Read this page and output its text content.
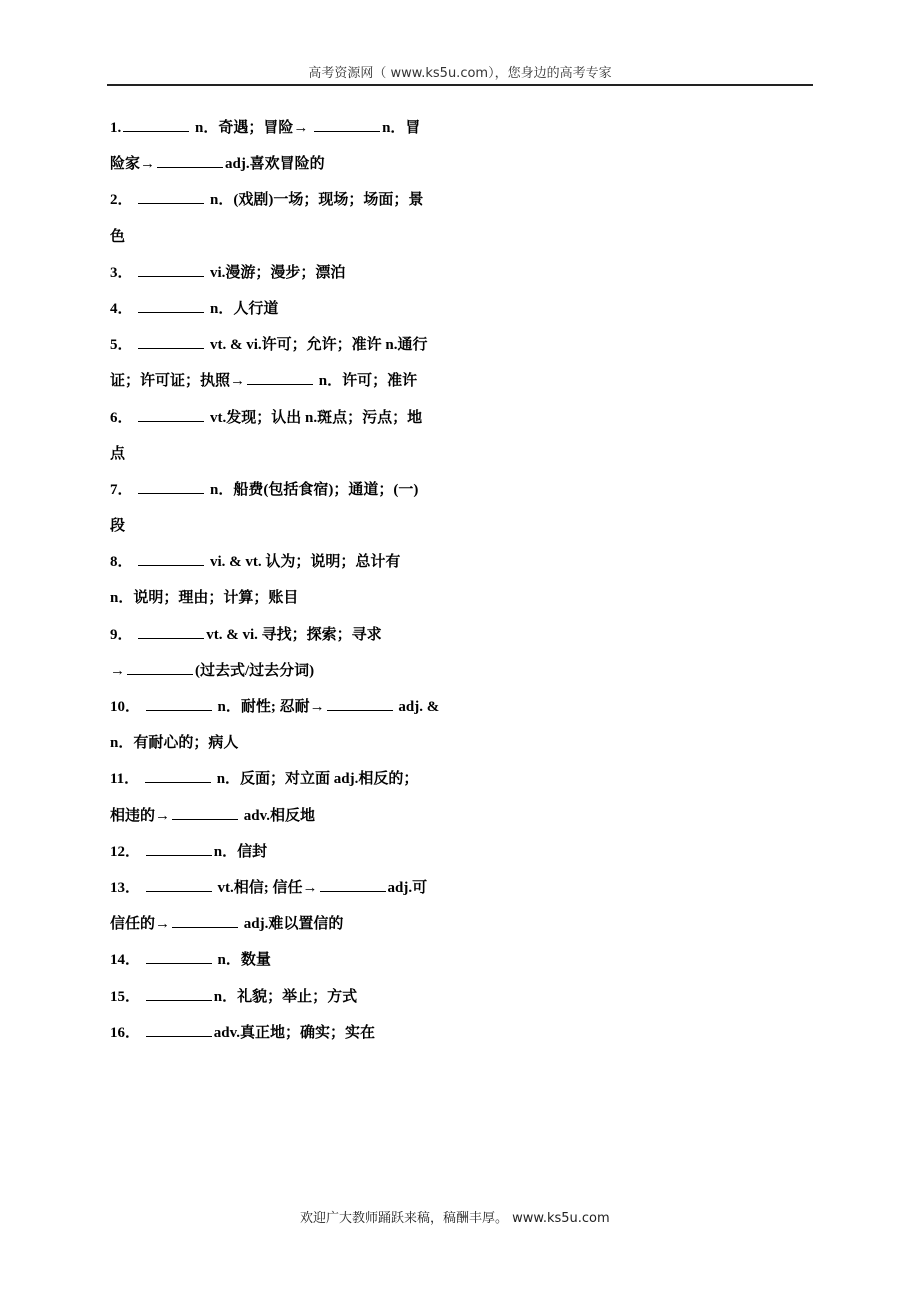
高考资源网（ www.ks5u.com），您身边的高考专家
1.	n．奇遇；冒险→	n．冒
险家→	adj.喜欢冒险的
2．	n．(戏剧)一场；现场；场面；景
色
3．	vi.漫游；漫步；漂泊
4．	n．人行道
5．	vt. & vi.许可；允许；准许 n.通行
证；许可证；执照→	n．许可；准许
6．	vt.发现；认出 n.斑点；污点；地
点
7．	n．船费(包括食宿)；通道；(一)
段
8．	vi. & vt. 认为；说明；总计有
n．说明；理由；计算；账目
9．	vt. & vi. 寻找；探索；寻求
→	(过去式/过去分词)
10．	n．耐性; 忍耐→	adj. &
n．有耐心的；病人
11．	n．反面；对立面 adj.相反的；
相违的→	adv.相反地
12．	n．信封
13．	vt.相信; 信任→	adj.可
信任的→	adj.难以置信的
14．	n．数量
15．	n．礼貌；举止；方式
16．	adv.真正地；确实；实在
欢迎广大教师踊跃来稿，稿酬丰厚。 www.ks5u.com
